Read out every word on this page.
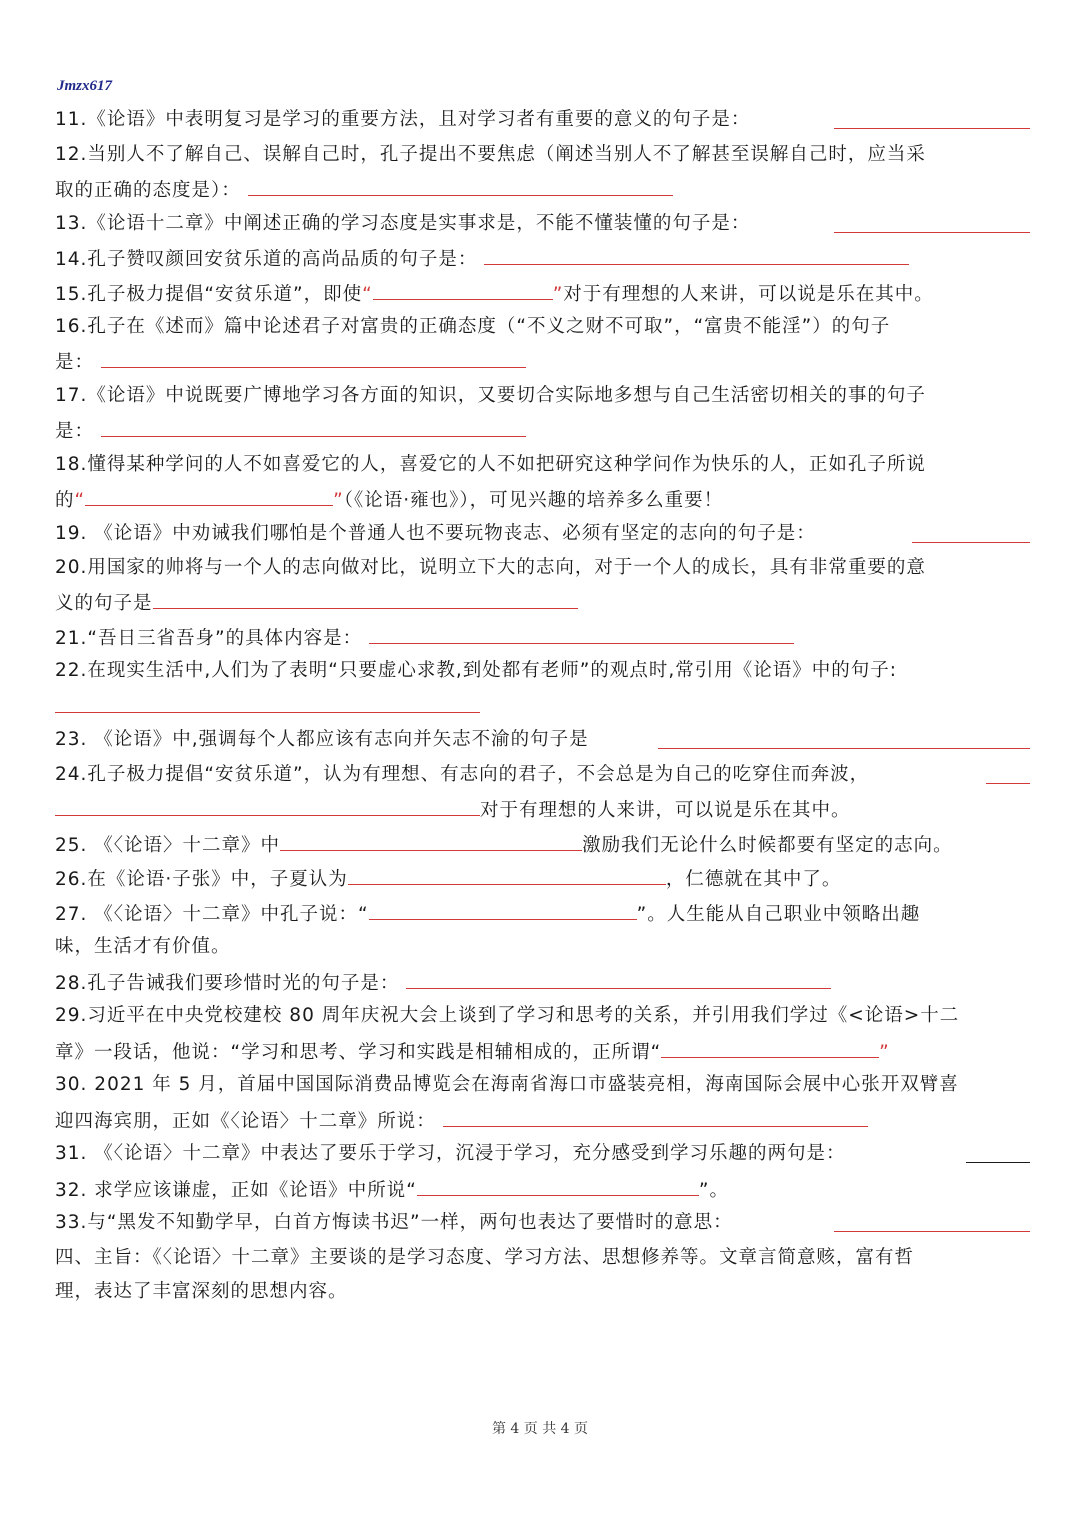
Jmzx617
11.《论语》中表明复习是学习的重要方法，且对学习者有重要的意义的句子是：
12.当别人不了解自己、误解自己时，孔子提出不要焦虑（阐述当别人不了解甚至误解自己时，应当采
取的正确的态度是）：
13.《论语十二章》中阐述正确的学习态度是实事求是，不能不懂装懂的句子是：
14.孔子赞叹颜回安贫乐道的高尚品质的句子是：
15.孔子极力提倡“安贫乐道”，即使“	”对于有理想的人来讲，可以说是乐在其中。
16.孔子在《述而》篇中论述君子对富贵的正确态度（“不义之财不可取”，“富贵不能淫”）的句子
是：
17.《论语》中说既要广博地学习各方面的知识，又要切合实际地多想与自己生活密切相关的事的句子
是：
18.懂得某种学问的人不如喜爱它的人，喜爱它的人不如把研究这种学问作为快乐的人，正如孔子所说
的“	”（《论语·雍也》），可见兴趣的培养多么重要！
19. 《论语》中劝诫我们哪怕是个普通人也不要玩物丧志、必须有坚定的志向的句子是：
20.用国家的帅将与一个人的志向做对比，说明立下大的志向，对于一个人的成长，具有非常重要的意
义的句子是
21.“吾日三省吾身”的具体内容是：
22.在现实生活中,人们为了表明“只要虚心求教,到处都有老师”的观点时,常引用《论语》中的句子:
23. 《论语》中,强调每个人都应该有志向并矢志不渝的句子是
24.孔子极力提倡“安贫乐道”，认为有理想、有志向的君子，不会总是为自己的吃穿住而奔波，
对于有理想的人来讲，可以说是乐在其中。
25. 《〈论语〉十二章》中	激励我们无论什么时候都要有坚定的志向。
26.在《论语·子张》中，子夏认为	，仁德就在其中了。
27. 《〈论语〉十二章》中孔子说：“	”。人生能从自己职业中领略出趣
味，生活才有价值。
28.孔子告诫我们要珍惜时光的句子是：
29.习近平在中央党校建校 80 周年庆祝大会上谈到了学习和思考的关系，并引用我们学过《<论语>十二
章》一段话，他说：“学习和思考、学习和实践是相辅相成的，正所谓“	”
30. 2021 年 5 月，首届中国国际消费品博览会在海南省海口市盛装亮相，海南国际会展中心张开双臂喜
迎四海宾朋，正如《〈论语〉十二章》所说：
31. 《〈论语〉十二章》中表达了要乐于学习，沉浸于学习，充分感受到学习乐趣的两句是：
32. 求学应该谦虚，正如《论语》中所说“	”。
33.与“黑发不知勤学早，白首方悔读书迟”一样，两句也表达了要惜时的意思：
四、主旨：《〈论语〉十二章》主要谈的是学习态度、学习方法、思想修养等。文章言简意赅，富有哲
理，表达了丰富深刻的思想内容。
第 4 页 共 4 页
